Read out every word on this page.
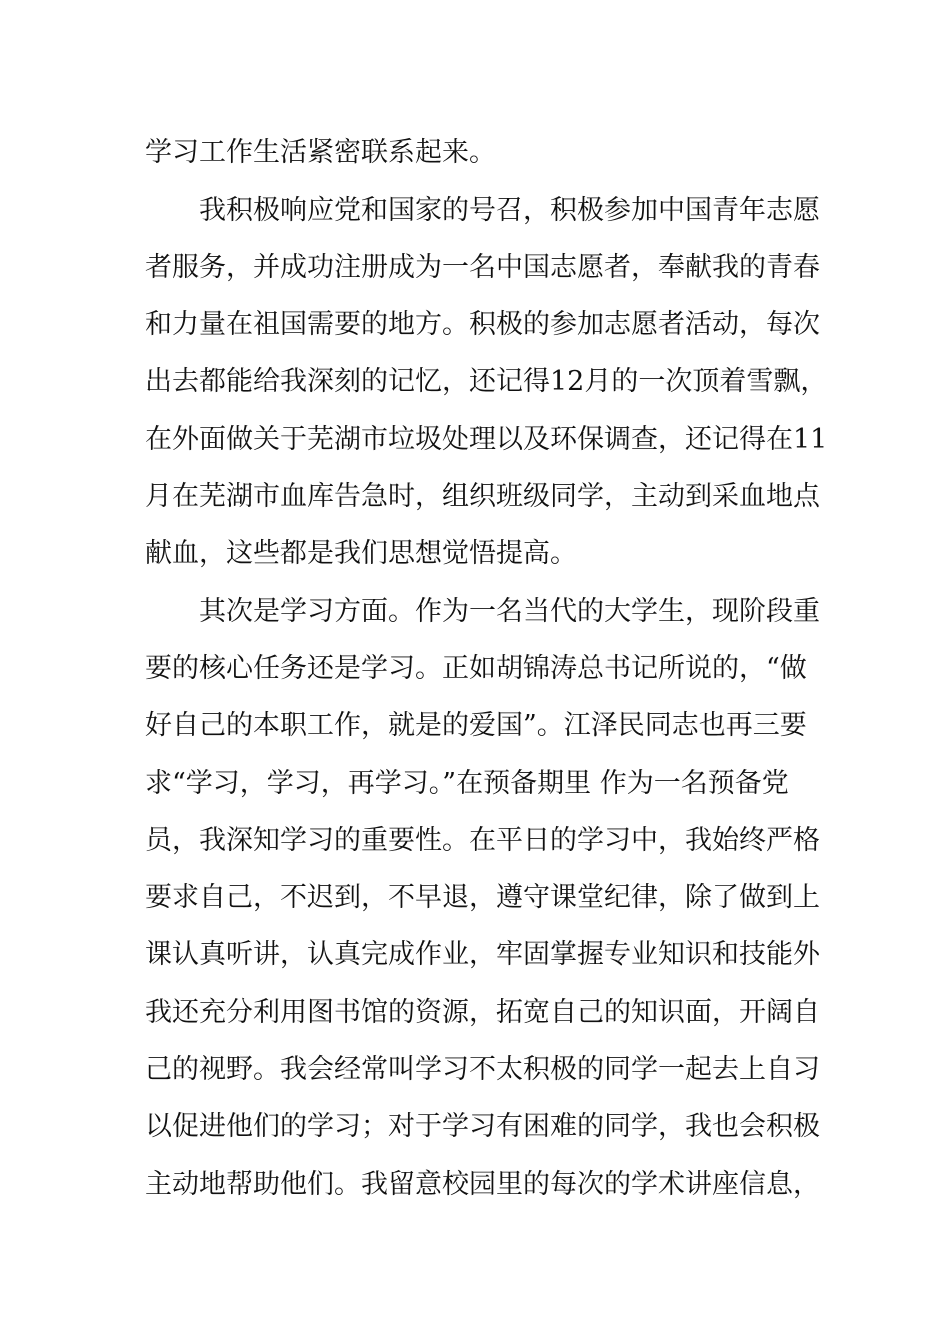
学习工作生活紧密联系起来。
我积极响应党和国家的号召，积极参加中国青年志愿
者服务，并成功注册成为一名中国志愿者，奉献我的青春
和力量在祖国需要的地方。积极的参加志愿者活动，每次
出去都能给我深刻的记忆，还记得12月的一次顶着雪飘，
在外面做关于芜湖市垃圾处理以及环保调查，还记得在11
月在芜湖市血库告急时，组织班级同学，主动到采血地点
献血，这些都是我们思想觉悟提高。
其次是学习方面。作为一名当代的大学生，现阶段重
要的核心任务还是学习。正如胡锦涛总书记所说的，“做
好自己的本职工作，就是的爱国”。江泽民同志也再三要
求“学习，学习，再学习。”在预备期里 作为一名预备党
员，我深知学习的重要性。在平日的学习中，我始终严格
要求自己，不迟到，不早退，遵守课堂纪律，除了做到上
课认真听讲，认真完成作业，牢固掌握专业知识和技能外
我还充分利用图书馆的资源，拓宽自己的知识面，开阔自
己的视野。我会经常叫学习不太积极的同学一起去上自习
以促进他们的学习；对于学习有困难的同学，我也会积极
主动地帮助他们。我留意校园里的每次的学术讲座信息，
